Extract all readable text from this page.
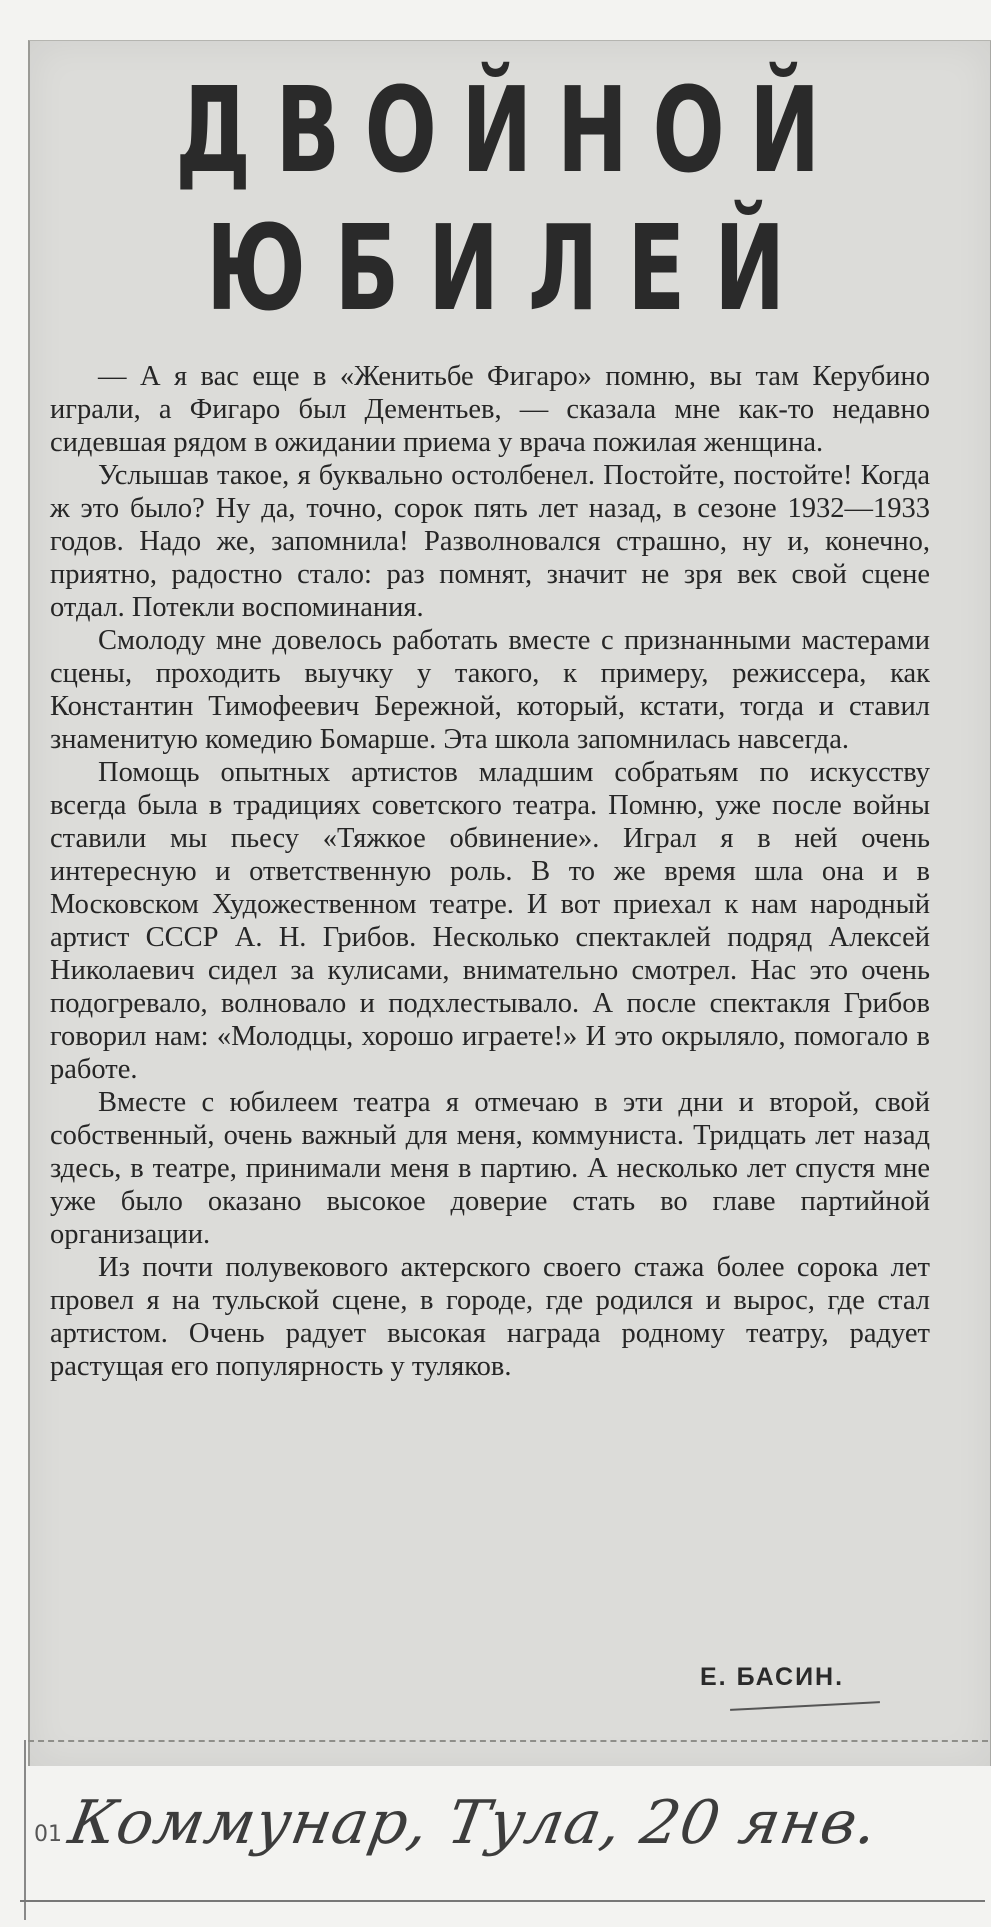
ДВОЙНОЙ
ЮБИЛЕЙ

— А я вас еще в «Женитьбе Фигаро» помню, вы там Керубино играли, а Фигаро был Дементьев, — сказала мне как-то недавно сидевшая рядом в ожидании приема у врача пожилая женщина.

Услышав такое, я буквально остолбенел. Постойте, постойте! Когда ж это было? Ну да, точно, сорок пять лет назад, в сезоне 1932—1933 годов. Надо же, запомнила! Разволновался страшно, ну и, конечно, приятно, радостно стало: раз помнят, значит не зря век свой сцене отдал. Потекли воспоминания.

Смолоду мне довелось работать вместе с признанными мастерами сцены, проходить выучку у такого, к примеру, режиссера, как Константин Тимофеевич Бережной, который, кстати, тогда и ставил знаменитую комедию Бомарше. Эта школа запомнилась навсегда.

Помощь опытных артистов младшим собратьям по искусству всегда была в традициях советского театра. Помню, уже после войны ставили мы пьесу «Тяжкое обвинение». Играл я в ней очень интересную и ответственную роль. В то же время шла она и в Московском Художественном театре. И вот приехал к нам народный артист СССР А. Н. Грибов. Несколько спектаклей подряд Алексей Николаевич сидел за кулисами, внимательно смотрел. Нас это очень подогревало, волновало и подхлестывало. А после спектакля Грибов говорил нам: «Молодцы, хорошо играете!» И это окрыляло, помогало в работе.

Вместе с юбилеем театра я отмечаю в эти дни и второй, свой собственный, очень важный для меня, коммуниста. Тридцать лет назад здесь, в театре, принимали меня в партию. А несколько лет спустя мне уже было оказано высокое доверие стать во главе партийной организации.

Из почти полувекового актерского своего стажа более сорока лет провел я на тульской сцене, в городе, где родился и вырос, где стал артистом. Очень радует высокая награда родному театру, радует растущая его популярность у туляков.

Е. БАСИН.
01 Коммунар, Тула, 20 янв.
